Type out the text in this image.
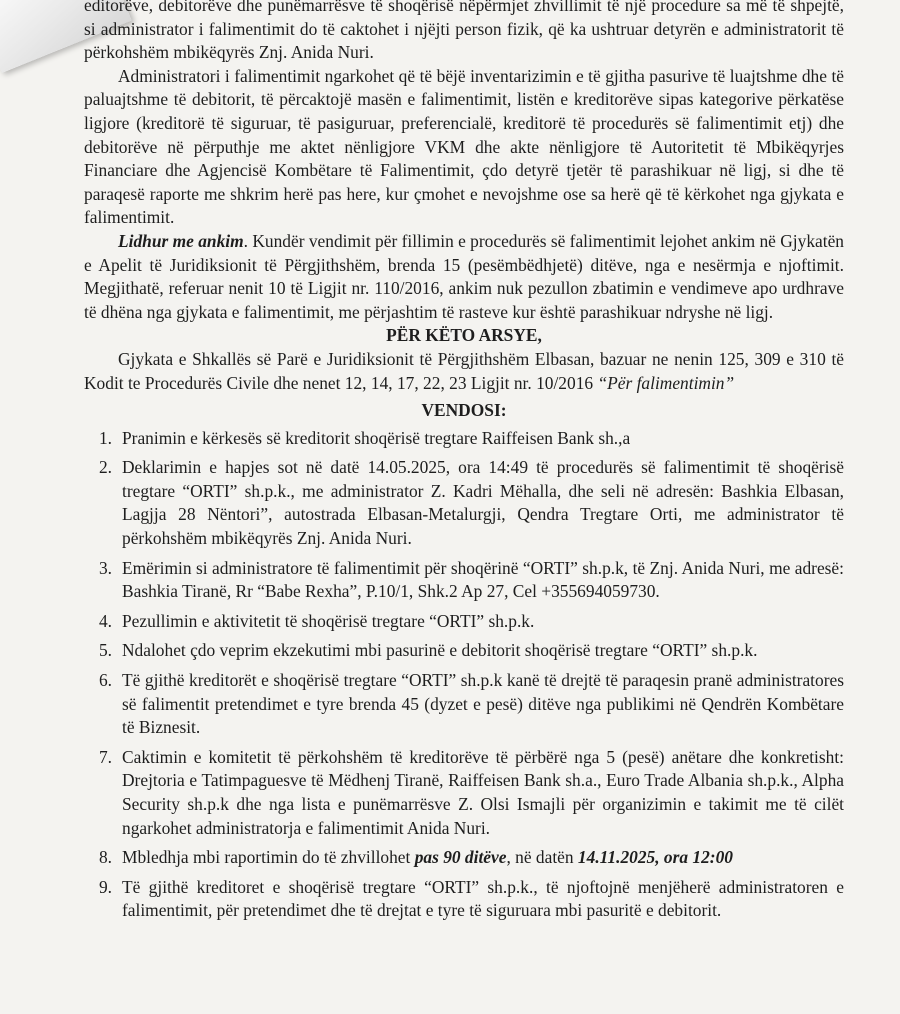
editorëve, debitorëve dhe punëmarrësve të shoqërisë nëpërmjet zhvillimit të një procedure sa më të shpejtë, si administrator i falimentimit do të caktohet i njëjti person fizik, që ka ushtruar detyrën e administratorit të përkohshëm mbikëqyrës Znj. Anida Nuri.

Administratori i falimentimit ngarkohet që të bëjë inventarizimin e të gjitha pasurive të luajtshme dhe të paluajtshme të debitorit, të përcaktojë masën e falimentimit, listën e kreditorëve sipas kategorive përkatëse ligjore (kreditorë të siguruar, të pasiguruar, preferencialë, kreditorë të procedurës së falimentimit etj) dhe debitorëve në përputhje me aktet nënligjore VKM dhe akte nënligjore të Autoritetit të Mbikëqyrjes Financiare dhe Agjencisë Kombëtare të Falimentimit, çdo detyrë tjetër të parashikuar në ligj, si dhe të paraqesë raporte me shkrim herë pas here, kur çmohet e nevojshme ose sa herë që të kërkohet nga gjykata e falimentimit.

Lidhur me ankim. Kundër vendimit për fillimin e procedurës së falimentimit lejohet ankim në Gjykatën e Apelit të Juridiksionit të Përgjithshëm, brenda 15 (pesëmbëdhjetë) ditëve, nga e nesërmja e njoftimit. Megjithatë, referuar nenit 10 të Ligjit nr. 110/2016, ankim nuk pezullon zbatimin e vendimeve apo urdhrave të dhëna nga gjykata e falimentimit, me përjashtim të rasteve kur është parashikuar ndryshe në ligj.

PËR KËTO ARSYE,

Gjykata e Shkallës së Parë e Juridiksionit të Përgjithshëm Elbasan, bazuar ne nenin 125, 309 e 310 të Kodit te Procedurës Civile dhe nenet 12, 14, 17, 22, 23 Ligjit nr. 10/2016 “Për falimentimin”

VENDOSI:

1. Pranimin e kërkesës së kreditorit shoqërisë tregtare Raiffeisen Bank sh.,a
2. Deklarimin e hapjes sot në datë 14.05.2025, ora 14:49 të procedurës së falimentimit të shoqërisë tregtare “ORTI” sh.p.k., me administrator Z. Kadri Mëhalla, dhe seli në adresën: Bashkia Elbasan, Lagjja 28 Nëntori”, autostrada Elbasan-Metalurgji, Qendra Tregtare Orti, me administrator të përkohshëm mbikëqyrës Znj. Anida Nuri.
3. Emërimin si administratore të falimentimit për shoqërinë “ORTI” sh.p.k, të Znj. Anida Nuri, me adresë: Bashkia Tiranë, Rr “Babe Rexha”, P.10/1, Shk.2 Ap 27, Cel +355694059730.
4. Pezullimin e aktivitetit të shoqërisë tregtare “ORTI” sh.p.k.
5. Ndalohet çdo veprim ekzekutimi mbi pasurinë e debitorit shoqërisë tregtare “ORTI” sh.p.k.
6. Të gjithë kreditorët e shoqërisë tregtare “ORTI” sh.p.k kanë të drejtë të paraqesin pranë administratores së falimentit pretendimet e tyre brenda 45 (dyzet e pesë) ditëve nga publikimi në Qendrën Kombëtare të Biznesit.
7. Caktimin e komitetit të përkohshëm të kreditorëve të përbërë nga 5 (pesë) anëtare dhe konkretisht: Drejtoria e Tatimpaguesve të Mëdhenj Tiranë, Raiffeisen Bank sh.a., Euro Trade Albania sh.p.k., Alpha Security sh.p.k dhe nga lista e punëmarrësve Z. Olsi Ismajli për organizimin e takimit me të cilët ngarkohet administratorja e falimentimit Anida Nuri.
8. Mbledhja mbi raportimin do të zhvillohet pas 90 ditëve, në datën 14.11.2025, ora 12:00
9. Të gjithë kreditoret e shoqërisë tregtare “ORTI” sh.p.k., të njoftojnë menjëherë administratoren e falimentimit, për pretendimet dhe të drejtat e tyre të siguruara mbi pasuritë e debitorit.
